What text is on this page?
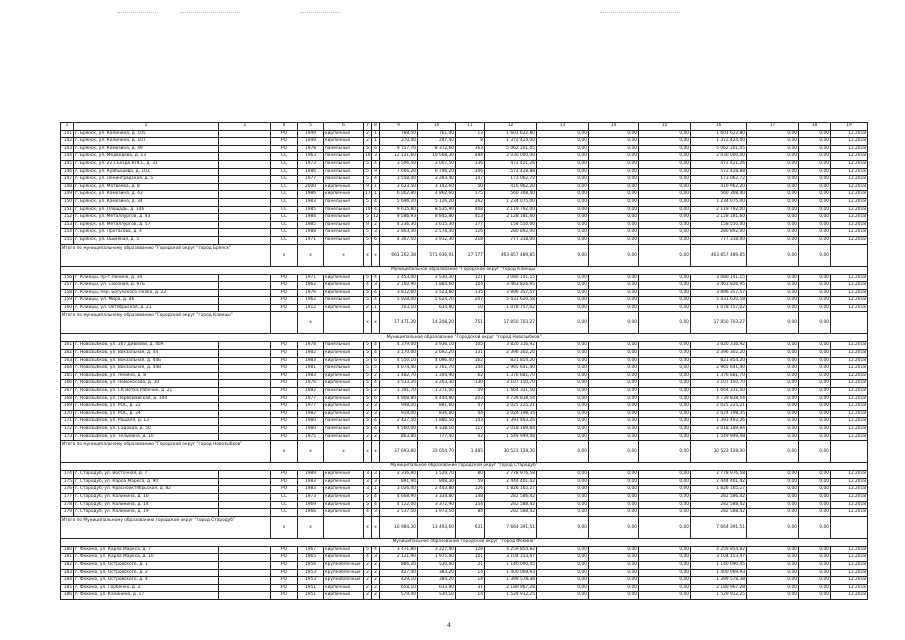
1	2	3	4	5	6	7	8	9	10	11	12	13	14	15	16	17	18	19
141	г. Брянск, ул. Калинина, д. 105		РО	1949	кирпичные	2	1	788,50	761,00	13	1 601 622,80	0,00	0,00	0,00	1 601 622,80	0,00	0,00	12.2018
142	г. Брянск, ул. Калинина, д. 107		РО	1949	кирпичные	2	1	270,40	247,40	8	1 372 424,00	0,00	0,00	0,00	1 372 424,00	0,00	0,00	12.2018
143	г. Брянск, ул. Камозина, д. 49		РО	1978	панельные	5	6	9 757,70	8 372,60	363	5 062 201,05	0,00	0,00	0,00	5 062 201,05	0,00	0,00	12.2018
144	г. Брянск, ул. Медведева, д. 13		СС	1963	панельные	10	3	12 121,60	10 568,30	484	2 030 000,00	0,00	0,00	0,00	2 030 000,00	0,00	0,00	12.2018
145	г. Брянск, ул. 22 Съезда КПСС, д. 31		СС	1973	панельные	5	4	3 596,50	3 007,50	136	472 421,26	0,00	0,00	0,00	472 421,26	0,00	0,00	12.2018
146	г. Брянск, ул. Куйбышева, д. 103		СС	1986	панельные	5	9	7 666,20	6 796,20	346	572 428,88	0,00	0,00	0,00	572 428,88	0,00	0,00	12.2018
147	г. Брянск, ул. Ленинградская, д. 5		СС	1977	панельные	5	4	3 558,40	3 283,40	147	173 062,72	0,00	0,00	0,00	173 062,72	0,00	0,00	12.2018
148	г. Брянск, ул. Матвеева, д. 8		СС	2000	кирпичные	9	1	3 623,50	3 142,60	50	416 962,20	0,00	0,00	0,00	416 962,20	0,00	0,00	12.2018
149	г. Брянск, ул. Камозина, д. 43		СС	1986	кирпичные	17	1	6 002,80	4 862,60	175	560 308,40	0,00	0,00	0,00	560 308,40	0,00	0,00	12.2018
150	г. Брянск, ул. Камозина, д. 34		СС	1983	панельные	5	4	5 696,20	5 126,20	262	1 234 075,00	0,00	0,00	0,00	1 234 075,00	0,00	0,00	12.2018
151	г. Брянск, ул. Площадь, д. 146		СС	1985	панельные	10	4	9 615,80	8 535,90	408	2 119 792,00	0,00	0,00	0,00	2 119 792,00	0,00	0,00	12.2018
152	г. Брянск, ул. Металлургов, д. 43		СС	1984	панельные	5	12	9 586,93	8 845,80	413	2 128 181,60	0,00	0,00	0,00	2 128 181,60	0,00	0,00	12.2018
153	г. Брянск, ул. Металлургов, д. 57		СС	1985	панельные	9	2	4 236,30	3 615,30	177	158 550,00	0,00	0,00	0,00	158 550,00	0,00	0,00	12.2018
154	г. Брянск, ул. Протасова, д. 4		СС	1988	панельные	5	3	2 803,30	2 578,30	126	280 892,00	0,00	0,00	0,00	280 892,00	0,00	0,00	12.2018
155	г. Брянск, ул. Ошмяная, д. 5		СС	1971	панельные	5	6	4 367,50	3 912,30	218	777 318,00	0,00	0,00	0,00	777 318,00	0,00	0,00	12.2018
Итого по муниципальному образованию "Городской округ "город Брянск"			х	х	х	х	х	661 262,38	571 936,91	27 177	463 857 489,85	0,00	0,00	0,00	463 857 489,85	0,00	0,00	
Муниципальное образование "Городской округ "город Клинцы"																		
156	г. Клинцы, пр-т Ленина, д. 34		РО	1971	кирпичные	5	4	2 453,40	2 530,30	121	3 080 141,15	0,00	0,00	0,00	3 080 141,15	0,00	0,00	12.2018
157	г. Клинцы, ул. Союзная, д. 97Б		РО	1962	кирпичные	4	3	2 160,90	1 884,60	104	3 463 826,95	0,00	0,00	0,00	3 463 826,95	0,00	0,00	12.2018
158	г. Клинцы, пер. Богунского Полка, д. 22		РО	1976	кирпичные	5	4	3 812,60	3 523,80	135	3 896 357,57	0,00	0,00	0,00	3 896 357,57	0,00	0,00	12.2018
159	г. Клинцы, ул. Мира, д. 46		РО	1962	панельные	5	4	5 928,00	5 624,70	207	5 431 620,58	0,00	0,00	0,00	5 431 620,58	0,00	0,00	12.2018
160	г. Клинцы, ул. Октябрьская, д. 21		РО	1912	кирпичные	2	1	703,10	634,80	10	1 078 757,02	0,00	0,00	0,00	1 078 757,02	0,00	0,00	12.2018
Итого по муниципальному образованию "Городской округ "город Клинцы"				х		х	х	17 471,20	14 208,20	751	17 850 703,27	0,00	0,00	0,00	17 850 703,27	0,00	0,00	
Муниципальное образование "Городской округ "город Новозыбков"																		
161	г. Новозыбков, ул. 307 Дивизии, д. 40А		РО	1978	панельные	5	4	4 379,00	3 936,10	105	3 820 316,92	0,00	0,00	0,00	3 820 316,92	0,00	0,00	12.2018
162	г. Новозыбков, ул. Вокзальная, д. 44		РО	1982	кирпичные	5	4	3 170,00	2 692,20	131	2 396 302,20	0,00	0,00	0,00	2 396 302,20	0,00	0,00	12.2018
163	г. Новозыбков, ул. Вокзальная, д. 44Б		РО	1983	кирпичные	5	6	4 550,10	4 096,40	162	821 854,20	0,00	0,00	0,00	821 854,20	0,00	0,00	12.2018
164	г. Новозыбков, ул. Вокзальная, д. 44В		РО	1981	панельные	5	5	4 074,40	3 761,70	144	2 965 641,40	0,00	0,00	0,00	2 965 641,40	0,00	0,00	12.2018
165	г. Новозыбков, ул. Ленина, д. 8		РО	1983	кирпичные	5	2	1 482,70	1 344,90	62	1 376 681,70	0,00	0,00	0,00	1 376 681,70	0,00	0,00	12.2018
166	г. Новозыбков, ул. Ломоносова, д. 30		РО	1976	кирпичные	5	4	3 533,20	3 263,30	130	3 107 150,70	0,00	0,00	0,00	3 107 150,70	0,00	0,00	12.2018
167	г. Новозыбков, ул. СК Ветка Рабочих, д. 21		РО	1982	панельные	5	2	1 391,70	1 271,00	59	1 664 331,50	0,00	0,00	0,00	1 664 331,50	0,00	0,00	12.2018
168	г. Новозыбков, ул. Первомайская, д. 104		РО	1977	кирпичные	5	6	4 908,80	4 444,80	203	4 739 838,54	0,00	0,00	0,00	4 739 838,54	0,00	0,00	12.2018
169	г. Новозыбков, ул. РОС, д. 22		РО	1977	кирпичные	2	3	948,20	881,60	47	2 025 225,21	0,00	0,00	0,00	2 025 225,21	0,00	0,00	12.2018
170	г. Новозыбков, ул. РОС, д. 24		РО	1982	кирпичные	2	3	918,00	836,80	44	2 024 198,35	0,00	0,00	0,00	2 024 198,35	0,00	0,00	12.2018
171	г. Новозыбков, ул. Рошаля, д. 13		РО	1980	панельные	5	4	2 427,50	1 880,50	143	1 393 493,26	0,00	0,00	0,00	1 393 493,26	0,00	0,00	12.2018
172	г. Новозыбков, ул. Садовая, д. 50		РО	1980	панельные	5	4	4 560,00	4 338,10	117	2 018 189,84	0,00	0,00	0,00	2 018 189,84	0,00	0,00	12.2018
173	г. Новозыбков, ул. Тельмана, д. 10		РО	1975	панельные	2	2	863,80	777,40	42	1 549 949,48	0,00	0,00	0,00	1 549 949,48	0,00	0,00	12.2018
Итого по муниципальному образованию "Городской округ "город Новозыбков"			х	х	х	х	х	37 693,80	33 654,70	1 485	30 523 128,30	0,00	0,00	0,00	30 523 128,30	0,00	0,00	
Муниципальное образование городской округ "город Стародуб"																		
174	г. Стародуб, ул. Восточная, д. 7		РО	1989	кирпичные	3	3	2 316,80	1 529,70	80	2 778 976,58	0,00	0,00	0,00	2 778 976,58	0,00	0,00	12.2018
175	г. Стародуб, ул. Карла Маркса, д. 90		РО	1983	кирпичные	3	3	891,90	848,30	59	2 444 401,42	0,00	0,00	0,00	2 444 401,42	0,00	0,00	12.2018
176	г. Стародуб, ул. Краснооктябрьская, д. 82		РО	1983	кирпичные	3	1	3 026,40	2 443,80	126	1 826 165,27	0,00	0,00	0,00	1 826 165,27	0,00	0,00	12.2018
177	г. Стародуб, ул. Калинина, д. 10		СС	1973	кирпичные	5	4	4 668,90	3 334,80	148	282 586,42	0,00	0,00	0,00	282 586,42	0,00	0,00	12.2018
178	г. Стародуб, ул. Калинина, д. 14		СС	1969	кирпичные	5	4	4 122,00	3 372,90	154	282 588,42	0,00	0,00	0,00	282 588,42	0,00	0,00	12.2018
179	г. Стародуб, ул. Калинина, д. 19		СС	1966	кирпичные	4	3	2 537,50	1 973,50	84	282 588,42	0,00	0,00	0,00	282 588,42	0,00	0,00	12.2018
Итого по Муниципальному образованию городской округ "город Стародуб"			х	х		х	х	16 984,30	13 493,60	631	7 664 391,51	0,00	0,00	0,00	7 664 391,51	0,00	0,00	
Муниципальное образование городской округ "город Фокино"																		
180	г. Фокино, ул. Карла Маркса, д. 7		РО	1967	кирпичные	5	4	3 471,80	3 227,40	128	4 259 854,82	0,00	0,00	0,00	4 259 854,82	0,00	0,00	12.2018
181	г. Фокино, ул. Карла Маркса, д. 10		РО	1965	кирпичные	4	3	2 121,90	1 975,00	101	3 104 153,47	0,00	0,00	0,00	3 104 153,47	0,00	0,00	12.2018
182	г. Фокино, ул. Островского, д. 1		РО	1956	крупноблочные	2	2	886,20	530,00	21	1 140 090,45	0,00	0,00	0,00	1 140 090,45	0,00	0,00	12.2018
183	г. Фокино, ул. Островского, д. 2		РО	1953	крупноблочные	2	2	427,40	383,20	14	1 400 069,93	0,00	0,00	0,00	1 400 069,93	0,00	0,00	12.2018
184	г. Фокино, ул. Островского, д. 4		РО	1953	крупноблочные	2	2	429,10	384,20	14	1 399 578,38	0,00	0,00	0,00	1 399 578,38	0,00	0,00	12.2018
185	г. Фокино, ул. Горбенко, д. 2		РО	1951	кирпичные	2	2	658,10	633,90	31	2 180 967,28	0,00	0,00	0,00	2 180 967,28	0,00	0,00	12.2018
186	г. Фокино, ул. Калинина, д. 17		РО	1951	кирпичные	2	2	579,40	530,10	14	1 529 912,25	0,00	0,00	0,00	1 529 912,25	0,00	0,00	12.2018
4
